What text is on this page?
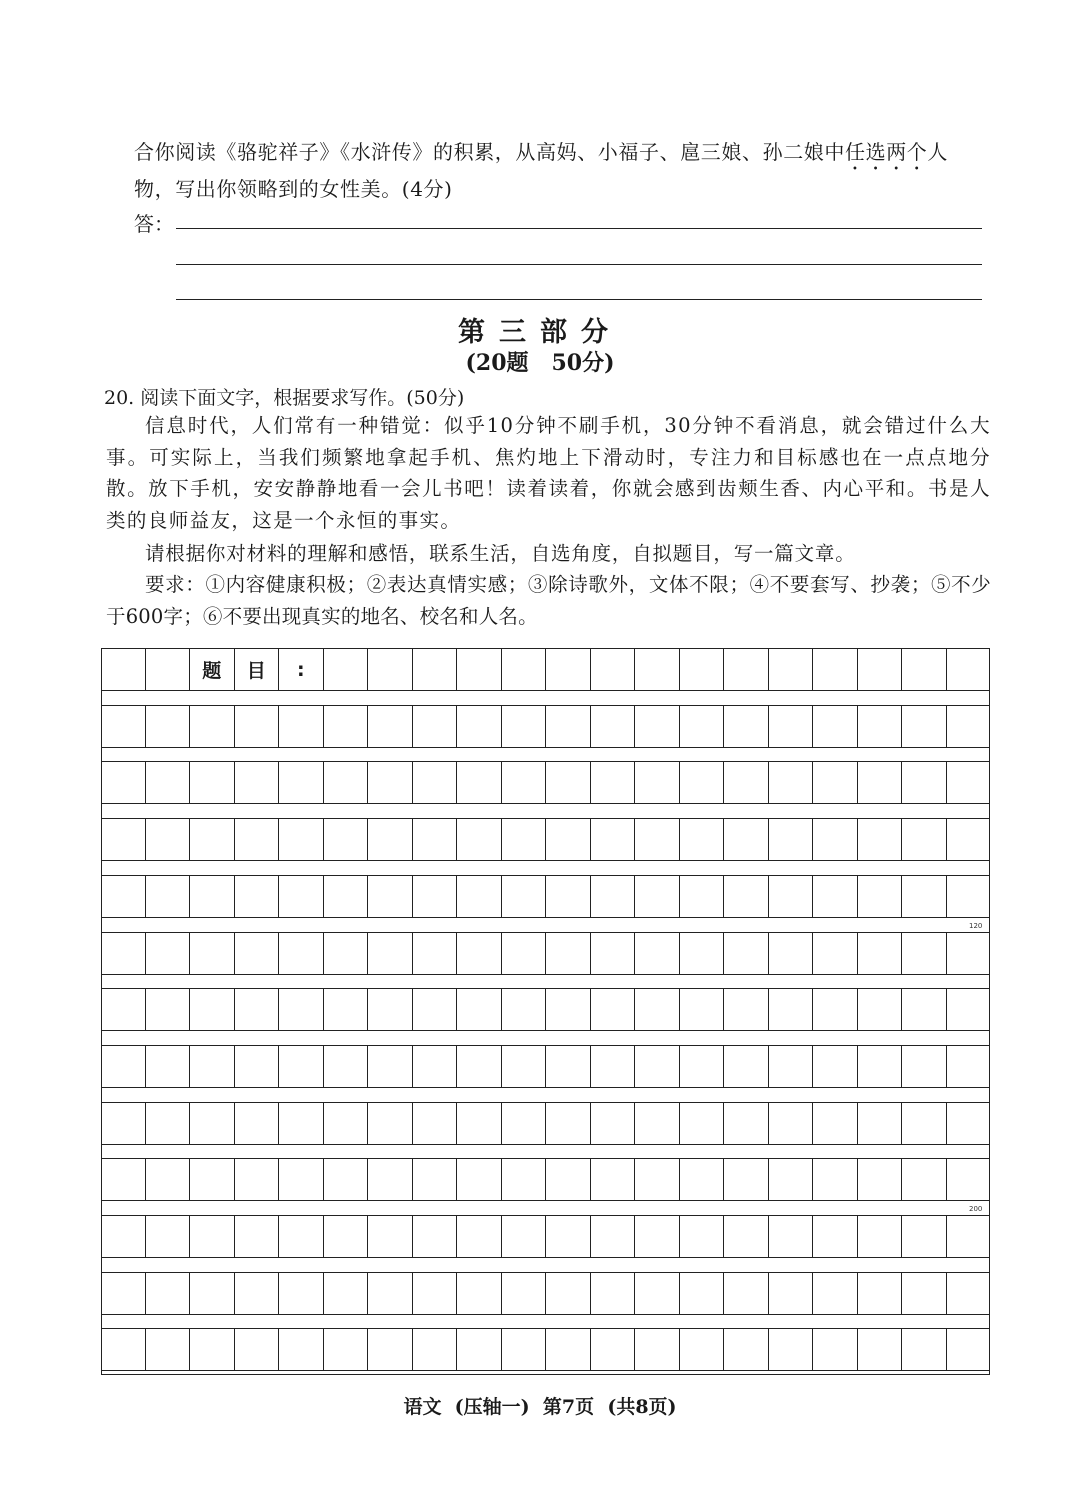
合你阅读《骆驼祥子》《水浒传》的积累，从高妈、小福子、扈三娘、孙二娘中任选两个人
物，写出你领略到的女性美。(4分)
答：
第三部分
(20题   50分)
20. 阅读下面文字，根据要求写作。(50分)
信息时代，人们常有一种错觉：似乎10分钟不刷手机，30分钟不看消息，就会错过什么大事。可实际上，当我们频繁地拿起手机、焦灼地上下滑动时，专注力和目标感也在一点点地分散。放下手机，安安静静地看一会儿书吧！读着读着，你就会感到齿颊生香、内心平和。书是人类的良师益友，这是一个永恒的事实。
请根据你对材料的理解和感悟，联系生活，自选角度，自拟题目，写一篇文章。
要求：①内容健康积极；②表达真情实感；③除诗歌外，文体不限；④不要套写、抄袭；⑤不少于600字；⑥不要出现真实的地名、校名和人名。
题	目	:
120
200
语文  (压轴一)  第7页  (共8页)
